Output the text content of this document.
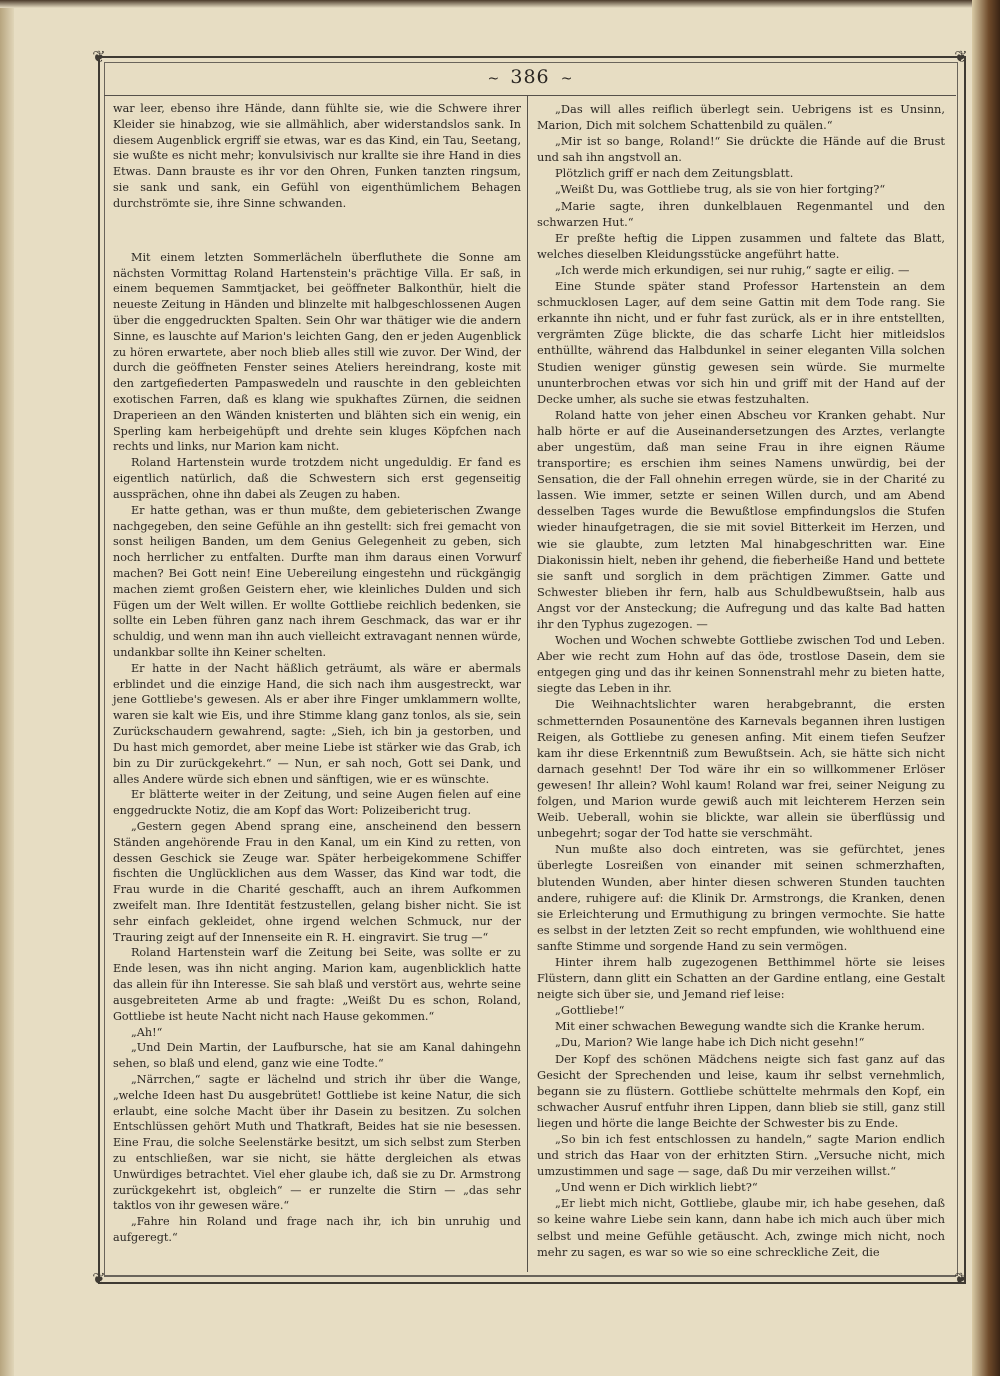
❦	❦
❦	❦
~ 386 ~

war leer, ebenso ihre Hände, dann fühlte sie, wie die Schwere ihrer Kleider sie hinabzog, wie sie allmählich, aber widerstandslos sank. In diesem Augenblick ergriff sie etwas, war es das Kind, ein Tau, Seetang, sie wußte es nicht mehr; konvulsivisch nur krallte sie ihre Hand in dies Etwas. Dann brauste es ihr vor den Ohren, Funken tanzten ringsum, sie sank und sank, ein Gefühl von eigenthümlichem Behagen durchströmte sie, ihre Sinne schwanden.

Mit einem letzten Sommerlächeln überfluthete die Sonne am nächsten Vormittag Roland Hartenstein's prächtige Villa. Er saß, in einem bequemen Sammtjacket, bei geöffneter Balkonthür, hielt die neueste Zeitung in Händen und blinzelte mit halbgeschlossenen Augen über die enggedruckten Spalten. Sein Ohr war thätiger wie die andern Sinne, es lauschte auf Marion's leichten Gang, den er jeden Augenblick zu hören erwartete, aber noch blieb alles still wie zuvor. Der Wind, der durch die geöffneten Fenster seines Ateliers hereindrang, koste mit den zartgefiederten Pampaswedeln und rauschte in den gebleichten exotischen Farren, daß es klang wie spukhaftes Zürnen, die seidnen Draperieen an den Wänden knisterten und blähten sich ein wenig, ein Sperling kam herbeigehüpft und drehte sein kluges Köpfchen nach rechts und links, nur Marion kam nicht.

Roland Hartenstein wurde trotzdem nicht ungeduldig. Er fand es eigentlich natürlich, daß die Schwestern sich erst gegenseitig aussprächen, ohne ihn dabei als Zeugen zu haben.

Er hatte gethan, was er thun mußte, dem gebieterischen Zwange nachgegeben, den seine Gefühle an ihn gestellt: sich frei gemacht von sonst heiligen Banden, um dem Genius Gelegenheit zu geben, sich noch herrlicher zu entfalten. Durfte man ihm daraus einen Vorwurf machen? Bei Gott nein! Eine Uebereilung eingestehn und rückgängig machen ziemt großen Geistern eher, wie kleinliches Dulden und sich Fügen um der Welt willen. Er wollte Gottliebe reichlich bedenken, sie sollte ein Leben führen ganz nach ihrem Geschmack, das war er ihr schuldig, und wenn man ihn auch vielleicht extravagant nennen würde, undankbar sollte ihn Keiner schelten.

Er hatte in der Nacht häßlich geträumt, als wäre er abermals erblindet und die einzige Hand, die sich nach ihm ausgestreckt, war jene Gottliebe's gewesen. Als er aber ihre Finger umklammern wollte, waren sie kalt wie Eis, und ihre Stimme klang ganz tonlos, als sie, sein Zurückschaudern gewahrend, sagte: „Sieh, ich bin ja gestorben, und Du hast mich gemordet, aber meine Liebe ist stärker wie das Grab, ich bin zu Dir zurückgekehrt.“ — Nun, er sah noch, Gott sei Dank, und alles Andere würde sich ebnen und sänftigen, wie er es wünschte.

Er blätterte weiter in der Zeitung, und seine Augen fielen auf eine enggedruckte Notiz, die am Kopf das Wort: Polizeibericht trug.

„Gestern gegen Abend sprang eine, anscheinend den bessern Ständen angehörende Frau in den Kanal, um ein Kind zu retten, von dessen Geschick sie Zeuge war. Später herbeigekommene Schiffer fischten die Unglücklichen aus dem Wasser, das Kind war todt, die Frau wurde in die Charité geschafft, auch an ihrem Aufkommen zweifelt man. Ihre Identität festzustellen, gelang bisher nicht. Sie ist sehr einfach gekleidet, ohne irgend welchen Schmuck, nur der Trauring zeigt auf der Innenseite ein R. H. eingravirt. Sie trug —“

Roland Hartenstein warf die Zeitung bei Seite, was sollte er zu Ende lesen, was ihn nicht anging. Marion kam, augenblicklich hatte das allein für ihn Interesse. Sie sah blaß und verstört aus, wehrte seine ausgebreiteten Arme ab und fragte: „Weißt Du es schon, Roland, Gottliebe ist heute Nacht nicht nach Hause gekommen.“

„Ah!“

„Und Dein Martin, der Laufbursche, hat sie am Kanal dahingehn sehen, so blaß und elend, ganz wie eine Todte.“

„Närrchen,“ sagte er lächelnd und strich ihr über die Wange, „welche Ideen hast Du ausgebrütet! Gottliebe ist keine Natur, die sich erlaubt, eine solche Macht über ihr Dasein zu besitzen. Zu solchen Entschlüssen gehört Muth und Thatkraft, Beides hat sie nie besessen. Eine Frau, die solche Seelenstärke besitzt, um sich selbst zum Sterben zu entschließen, war sie nicht, sie hätte dergleichen als etwas Unwürdiges betrachtet. Viel eher glaube ich, daß sie zu Dr. Armstrong zurückgekehrt ist, obgleich“ — er runzelte die Stirn — „das sehr taktlos von ihr gewesen wäre.“

„Fahre hin Roland und frage nach ihr, ich bin unruhig und aufgeregt.“

„Das will alles reiflich überlegt sein. Uebrigens ist es Unsinn, Marion, Dich mit solchem Schattenbild zu quälen.“

„Mir ist so bange, Roland!“ Sie drückte die Hände auf die Brust und sah ihn angstvoll an.

Plötzlich griff er nach dem Zeitungsblatt.

„Weißt Du, was Gottliebe trug, als sie von hier fortging?“

„Marie sagte, ihren dunkelblauen Regenmantel und den schwarzen Hut.“

Er preßte heftig die Lippen zusammen und faltete das Blatt, welches dieselben Kleidungsstücke angeführt hatte.

„Ich werde mich erkundigen, sei nur ruhig,“ sagte er eilig. —

Eine Stunde später stand Professor Hartenstein an dem schmucklosen Lager, auf dem seine Gattin mit dem Tode rang. Sie erkannte ihn nicht, und er fuhr fast zurück, als er in ihre entstellten, vergrämten Züge blickte, die das scharfe Licht hier mitleidslos enthüllte, während das Halbdunkel in seiner eleganten Villa solchen Studien weniger günstig gewesen sein würde. Sie murmelte ununterbrochen etwas vor sich hin und griff mit der Hand auf der Decke umher, als suche sie etwas festzuhalten.

Roland hatte von jeher einen Abscheu vor Kranken gehabt. Nur halb hörte er auf die Auseinandersetzungen des Arztes, verlangte aber ungestüm, daß man seine Frau in ihre eignen Räume transportire; es erschien ihm seines Namens unwürdig, bei der Sensation, die der Fall ohnehin erregen würde, sie in der Charité zu lassen. Wie immer, setzte er seinen Willen durch, und am Abend desselben Tages wurde die Bewußtlose empfindungslos die Stufen wieder hinaufgetragen, die sie mit soviel Bitterkeit im Herzen, und wie sie glaubte, zum letzten Mal hinabgeschritten war. Eine Diakonissin hielt, neben ihr gehend, die fieberheiße Hand und bettete sie sanft und sorglich in dem prächtigen Zimmer. Gatte und Schwester blieben ihr fern, halb aus Schuldbewußtsein, halb aus Angst vor der Ansteckung; die Aufregung und das kalte Bad hatten ihr den Typhus zugezogen. —

Wochen und Wochen schwebte Gottliebe zwischen Tod und Leben. Aber wie recht zum Hohn auf das öde, trostlose Dasein, dem sie entgegen ging und das ihr keinen Sonnenstrahl mehr zu bieten hatte, siegte das Leben in ihr.

Die Weihnachtslichter waren herabgebrannt, die ersten schmetternden Posaunentöne des Karnevals begannen ihren lustigen Reigen, als Gottliebe zu genesen anfing. Mit einem tiefen Seufzer kam ihr diese Erkenntniß zum Bewußtsein. Ach, sie hätte sich nicht darnach gesehnt! Der Tod wäre ihr ein so willkommener Erlöser gewesen! Ihr allein? Wohl kaum! Roland war frei, seiner Neigung zu folgen, und Marion wurde gewiß auch mit leichterem Herzen sein Weib. Ueberall, wohin sie blickte, war allein sie überflüssig und unbegehrt; sogar der Tod hatte sie verschmäht.

Nun mußte also doch eintreten, was sie gefürchtet, jenes überlegte Losreißen von einander mit seinen schmerzhaften, blutenden Wunden, aber hinter diesen schweren Stunden tauchten andere, ruhigere auf: die Klinik Dr. Armstrongs, die Kranken, denen sie Erleichterung und Ermuthigung zu bringen vermochte. Sie hatte es selbst in der letzten Zeit so recht empfunden, wie wohlthuend eine sanfte Stimme und sorgende Hand zu sein vermögen.

Hinter ihrem halb zugezogenen Betthimmel hörte sie leises Flüstern, dann glitt ein Schatten an der Gardine entlang, eine Gestalt neigte sich über sie, und Jemand rief leise:

„Gottliebe!“

Mit einer schwachen Bewegung wandte sich die Kranke herum.

„Du, Marion? Wie lange habe ich Dich nicht gesehn!“

Der Kopf des schönen Mädchens neigte sich fast ganz auf das Gesicht der Sprechenden und leise, kaum ihr selbst vernehmlich, begann sie zu flüstern. Gottliebe schüttelte mehrmals den Kopf, ein schwacher Ausruf entfuhr ihren Lippen, dann blieb sie still, ganz still liegen und hörte die lange Beichte der Schwester bis zu Ende.

„So bin ich fest entschlossen zu handeln,“ sagte Marion endlich und strich das Haar von der erhitzten Stirn. „Versuche nicht, mich umzustimmen und sage — sage, daß Du mir verzeihen willst.“

„Und wenn er Dich wirklich liebt?“

„Er liebt mich nicht, Gottliebe, glaube mir, ich habe gesehen, daß so keine wahre Liebe sein kann, dann habe ich mich auch über mich selbst und meine Gefühle getäuscht. Ach, zwinge mich nicht, noch mehr zu sagen, es war so wie so eine schreckliche Zeit, die
